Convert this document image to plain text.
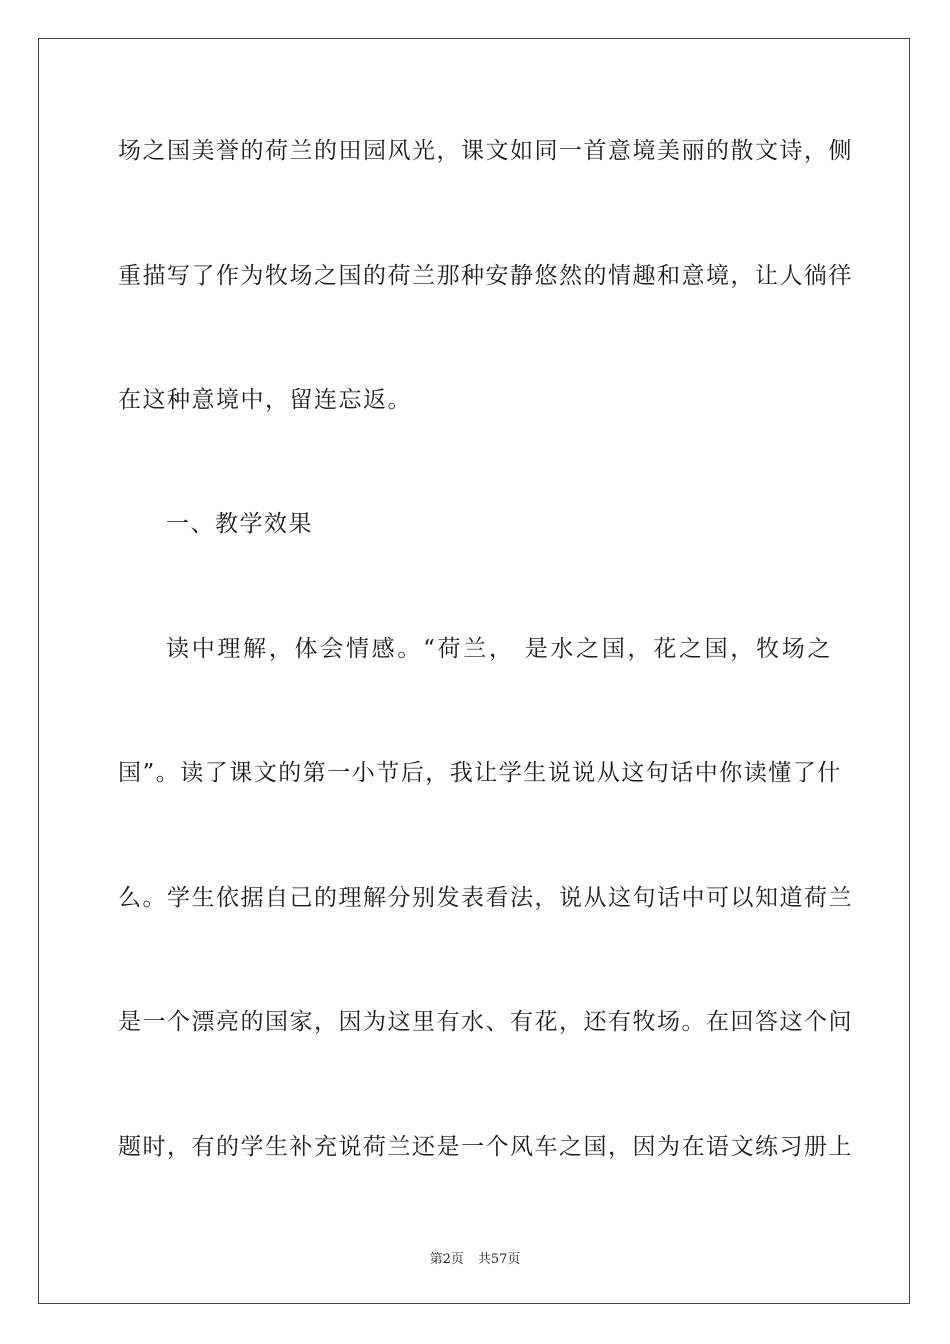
场之国美誉的荷兰的田园风光，课文如同一首意境美丽的散文诗，侧
重描写了作为牧场之国的荷兰那种安静悠然的情趣和意境，让人徜徉
在这种意境中，留连忘返。
一、教学效果
读中理解，体会情感。“荷兰， 是水之国，花之国，牧场之
国”。读了课文的第一小节后，我让学生说说从这句话中你读懂了什
么。学生依据自己的理解分别发表看法，说从这句话中可以知道荷兰
是一个漂亮的国家，因为这里有水、有花，还有牧场。在回答这个问
题时，有的学生补充说荷兰还是一个风车之国，因为在语文练习册上
第2页 共57页
